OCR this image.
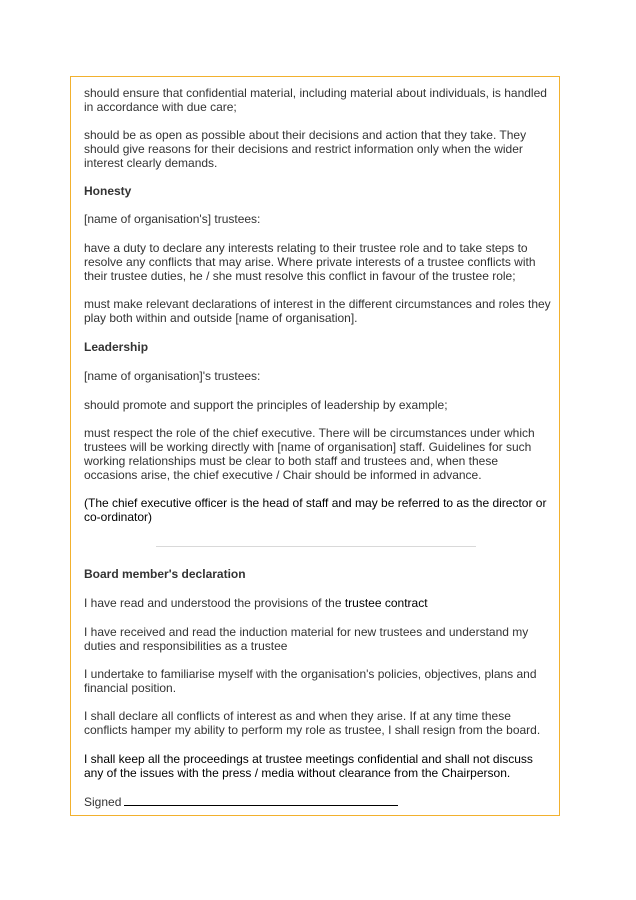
should ensure that confidential material, including material about individuals, is handled in accordance with due care;

should be as open as possible about their decisions and action that they take. They should give reasons for their decisions and restrict information only when the wider interest clearly demands.

Honesty

[name of organisation's] trustees:

have a duty to declare any interests relating to their trustee role and to take steps to resolve any conflicts that may arise. Where private interests of a trustee conflicts with their trustee duties, he / she must resolve this conflict in favour of the trustee role;

must make relevant declarations of interest in the different circumstances and roles they play both within and outside [name of organisation].

Leadership

[name of organisation]'s trustees:

should promote and support the principles of leadership by example;

must respect the role of the chief executive. There will be circumstances under which trustees will be working directly with [name of organisation] staff. Guidelines for such working relationships must be clear to both staff and trustees and, when these occasions arise, the chief executive / Chair should be informed in advance.

(The chief executive officer is the head of staff and may be referred to as the director or co-ordinator)

Board member's declaration

I have read and understood the provisions of the trustee contract

I have received and read the induction material for new trustees and understand my duties and responsibilities as a trustee

I undertake to familiarise myself with the organisation's policies, objectives, plans and financial position.

I shall declare all conflicts of interest as and when they arise. If at any time these conflicts hamper my ability to perform my role as trustee, I shall resign from the board.

I shall keep all the proceedings at trustee meetings confidential and shall not discuss any of the issues with the press / media without clearance from the Chairperson.

Signed
